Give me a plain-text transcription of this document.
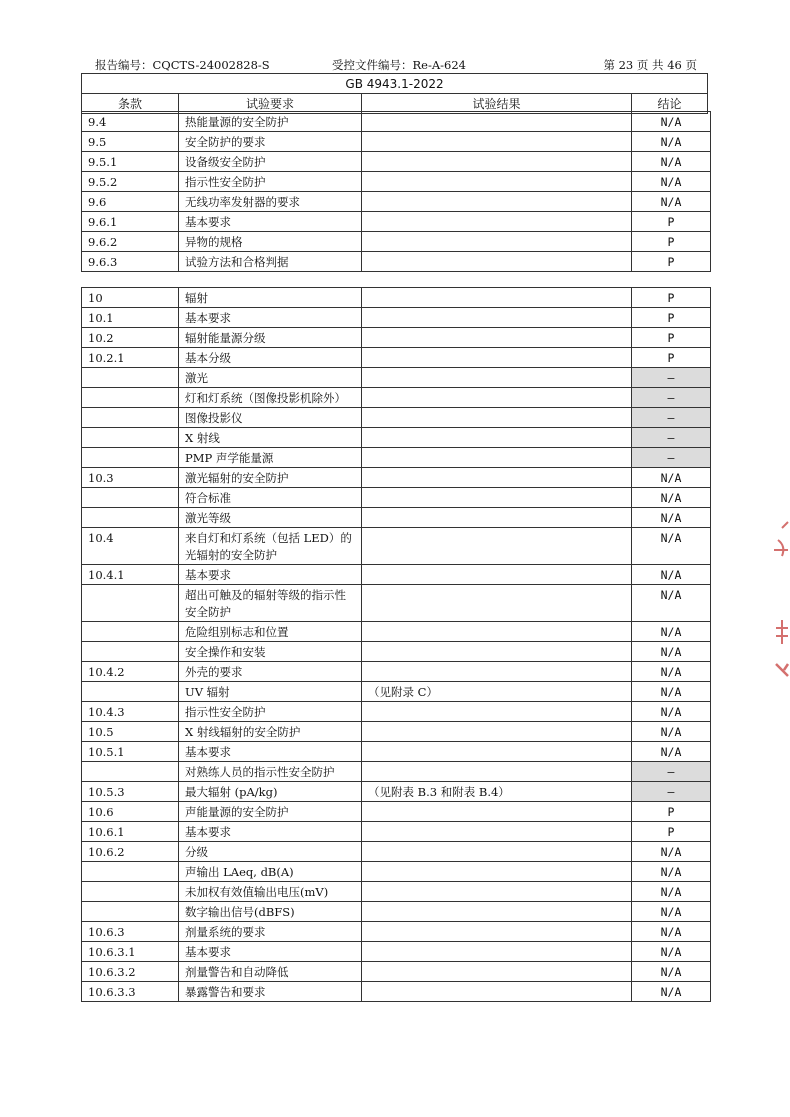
报告编号：CQCTS-24002828-S	受控文件编号：Re-A-624	第 23 页 共 46 页
GB 4943.1-2022
条款	试验要求	试验结果	结论
9.4	热能量源的安全防护		N/A
9.5	安全防护的要求		N/A
9.5.1	设备级安全防护		N/A
9.5.2	指示性安全防护		N/A
9.6	无线功率发射器的要求		N/A
9.6.1	基本要求		P
9.6.2	异物的规格		P
9.6.3	试验方法和合格判据		P
10	辐射		P
10.1	基本要求		P
10.2	辐射能量源分级		P
10.2.1	基本分级		P
	激光		—
	灯和灯系统（图像投影机除外）		—
	图像投影仪		—
	X 射线		—
	PMP 声学能量源		—
10.3	激光辐射的安全防护		N/A
	符合标准		N/A
	激光等级		N/A
10.4	来自灯和灯系统（包括 LED）的光辐射的安全防护		N/A
10.4.1	基本要求		N/A
	超出可触及的辐射等级的指示性安全防护		N/A
	危险组别标志和位置		N/A
	安全操作和安装		N/A
10.4.2	外壳的要求		N/A
	UV 辐射	（见附录 C）	N/A
10.4.3	指示性安全防护		N/A
10.5	X 射线辐射的安全防护		N/A
10.5.1	基本要求		N/A
	对熟练人员的指示性安全防护		—
10.5.3	最大辐射 (pA/kg)	（见附表 B.3 和附表 B.4）	—
10.6	声能量源的安全防护		P
10.6.1	基本要求		P
10.6.2	分级		N/A
	声输出 LAeq, dB(A)		N/A
	未加权有效值输出电压(mV)		N/A
	数字输出信号(dBFS)		N/A
10.6.3	剂量系统的要求		N/A
10.6.3.1	基本要求		N/A
10.6.3.2	剂量警告和自动降低		N/A
10.6.3.3	暴露警告和要求		N/A
